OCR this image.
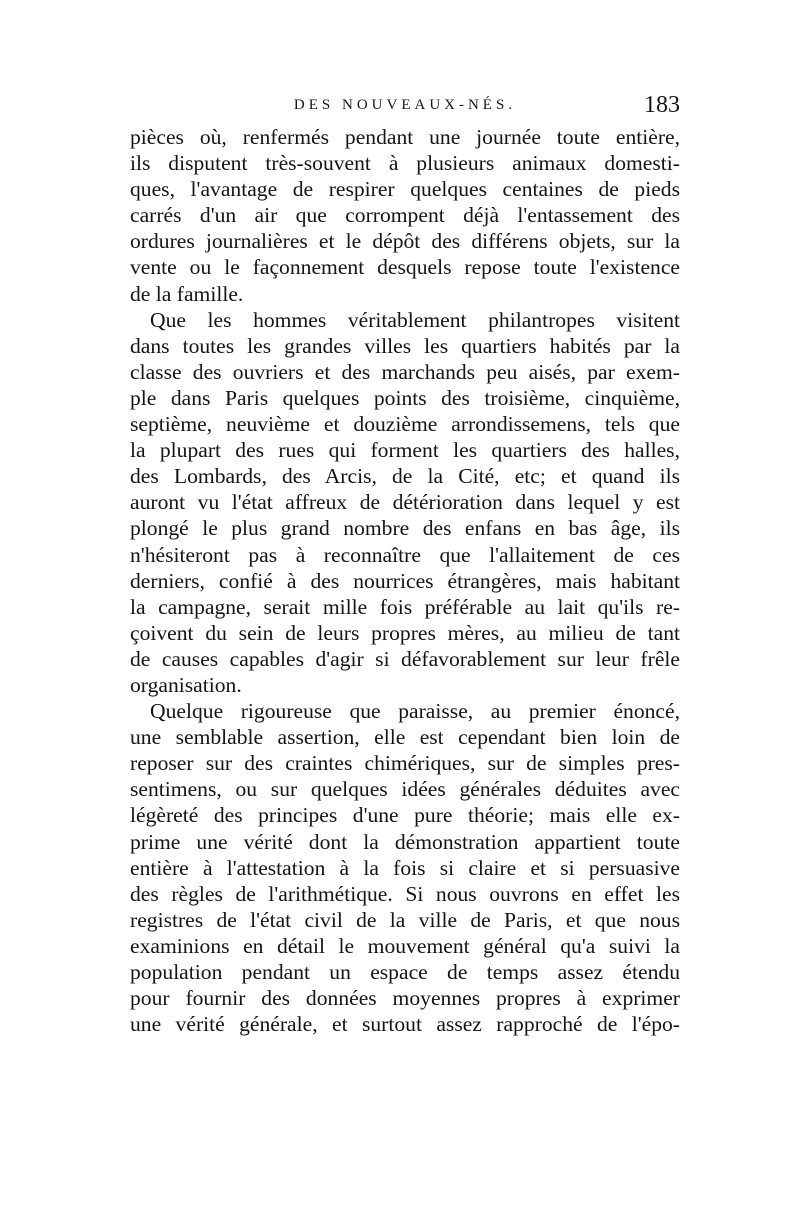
DES NOUVEAUX-NÉS.	183
pièces où, renfermés pendant une journée toute entière,
ils disputent très-souvent à plusieurs animaux domesti-
ques, l'avantage de respirer quelques centaines de pieds
carrés d'un air que corrompent déjà l'entassement des
ordures journalières et le dépôt des différens objets, sur la
vente ou le façonnement desquels repose toute l'existence
de la famille.
Que les hommes véritablement philantropes visitent
dans toutes les grandes villes les quartiers habités par la
classe des ouvriers et des marchands peu aisés, par exem-
ple dans Paris quelques points des troisième, cinquième,
septième, neuvième et douzième arrondissemens, tels que
la plupart des rues qui forment les quartiers des halles,
des Lombards, des Arcis, de la Cité, etc; et quand ils
auront vu l'état affreux de détérioration dans lequel y est
plongé le plus grand nombre des enfans en bas âge, ils
n'hésiteront pas à reconnaître que l'allaitement de ces
derniers, confié à des nourrices étrangères, mais habitant
la campagne, serait mille fois préférable au lait qu'ils re-
çoivent du sein de leurs propres mères, au milieu de tant
de causes capables d'agir si défavorablement sur leur frêle
organisation.
Quelque rigoureuse que paraisse, au premier énoncé,
une semblable assertion, elle est cependant bien loin de
reposer sur des craintes chimériques, sur de simples pres-
sentimens, ou sur quelques idées générales déduites avec
légèreté des principes d'une pure théorie; mais elle ex-
prime une vérité dont la démonstration appartient toute
entière à l'attestation à la fois si claire et si persuasive
des règles de l'arithmétique. Si nous ouvrons en effet les
registres de l'état civil de la ville de Paris, et que nous
examinions en détail le mouvement général qu'a suivi la
population pendant un espace de temps assez étendu
pour fournir des données moyennes propres à exprimer
une vérité générale, et surtout assez rapproché de l'épo-
